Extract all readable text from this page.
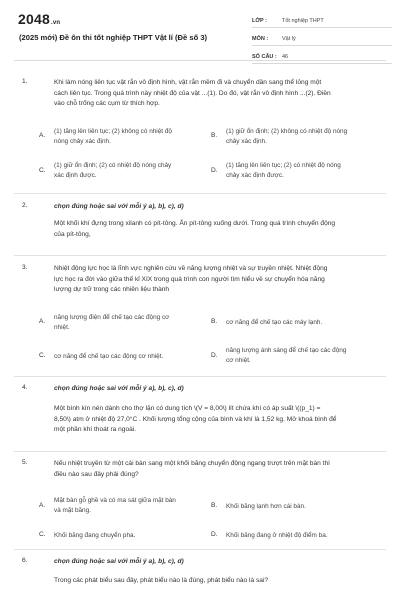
2048.vn
(2025 mới) Đề ôn thi tốt nghiệp THPT Vật lí (Đề số 3)
LỚP :	Tốt nghiệp THPT
MÔN :	Vật lý
SỐ CÂU : 46
1.	Khi làm nóng liên tục vật rắn vô định hình, vật rắn mềm đi và chuyển dần sang thể lỏng một
cách liên tục. Trong quá trình này nhiệt độ của vật ...(1). Do đó, vật rắn vô định hình ...(2). Điền
vào chỗ trống các cụm từ thích hợp.
A.
(1) tăng lên liên tục; (2) không có nhiệt độ
nóng chảy xác định.
B.
(1) giữ ổn định; (2) không có nhiệt độ nóng
chảy xác định.
C.
(1) giữ ổn định; (2) có nhiệt độ nóng chảy
xác định được.
D.
(1) tăng lên liên tục; (2) có nhiệt độ nóng
chảy xác định được.
2.	chọn đúng hoặc sai với mỗi ý a), b), c), d)
Một khối khí đựng trong xilanh có pít-tông. Ấn pít-tông xuống dưới. Trong quá trình chuyển động
của pít-tông,
3.	Nhiệt động lực học là lĩnh vực nghiên cứu về năng lượng nhiệt và sự truyền nhiệt. Nhiệt động
lực học ra đời vào giữa thế kỉ XIX trong quá trình con người tìm hiểu về sự chuyển hóa năng
lượng dự trữ trong các nhiên liệu thành
A.
năng lượng điện để chế tạo các động cơ
nhiệt.
B. cơ năng để chế tạo các máy lạnh.
C. cơ năng để chế tạo các động cơ nhiệt.	D.
năng lượng ánh sáng để chế tạo các động
cơ nhiệt.
4.	chọn đúng hoặc sai với mỗi ý a), b), c), d)
Một bình kín nén dành cho thợ lặn có dung tích \(V = 8,00\) lít chứa khí có áp suất \((p_1) =
8,50\) atm ở nhiệt độ 27,0°C . Khối lượng tổng cộng của bình và khí là 1,52 kg. Mở khoá bình để
một phần khí thoát ra ngoài.
5.	Nếu nhiệt truyền từ một cái bàn sang một khối băng chuyển động ngang trượt trên mặt bàn thì
điều nào sau đây phải đúng?
A.
Mặt bàn gỗ ghề và có ma sát giữa mặt bàn
và mặt băng.
B. Khối băng lạnh hơn cái bàn.
C. Khối băng đang chuyển pha.	D. Khối băng đang ở nhiệt độ điểm ba.
6.	chọn đúng hoặc sai với mỗi ý a), b), c), d)
Trong các phát biểu sau đây, phát biểu nào là đúng, phát biểu nào là sai?
